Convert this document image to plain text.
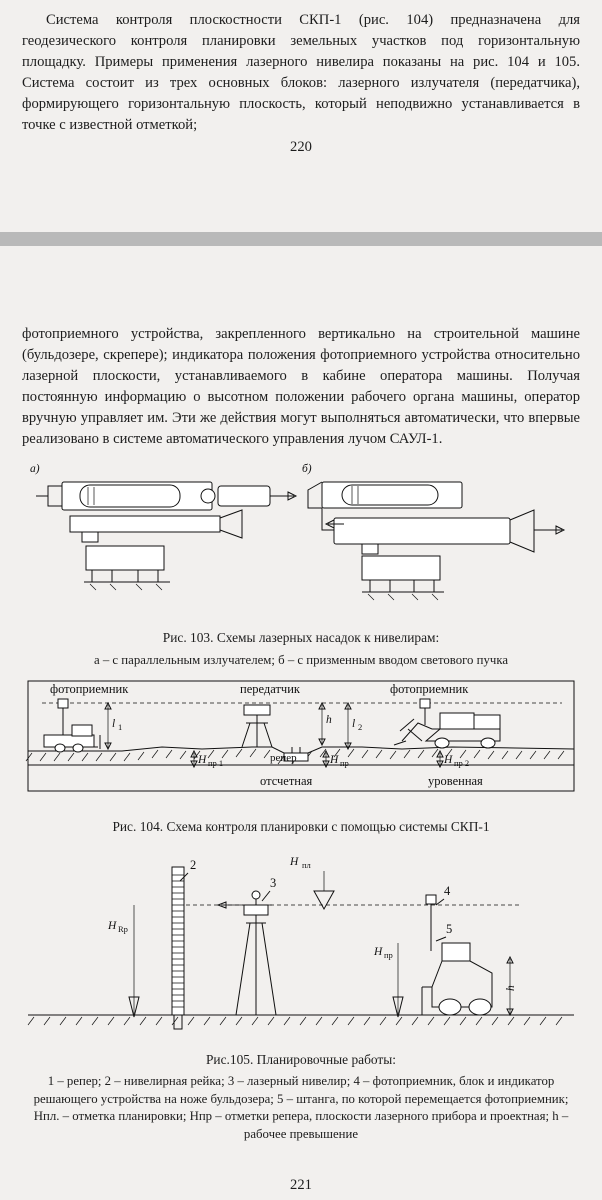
Система контроля плоскостности СКП-1 (рис. 104) предназначена для геодезического контроля планировки земельных участков под горизонтальную площадку. Примеры применения лазерного нивелира показаны на рис. 104 и 105. Система состоит из трех основных блоков: лазерного излучателя (передатчика), формирующего горизонтальную плоскость, который неподвижно устанавливается в точке с известной отметкой;

220

фотоприемного устройства, закрепленного вертикально на строительной машине (бульдозере, скрепере); индикатора положения фотоприемного устройства относительно лазерной плоскости, устанавливаемого в кабине оператора машины. Получая постоянную информацию о высотном положении рабочего органа машины, оператор вручную управляет им. Эти же действия могут выполняться автоматически, что впервые реализовано в системе автоматического управления лучом САУЛ-1.

а)	б)
Рис. 103. Схемы лазерных насадок к нивелирам:
а – с параллельным излучателем; б – с призменным вводом светового пучка
фотоприемник	передатчик	фотоприемник
l 1
h l 2
репер
H пр 1	H пр	H пр 2
отсчетная	уровенная
Рис. 104. Схема контроля планировки с помощью системы СКП-1
2
H Rp
3
H пл
4
5
H пр
h
Рис.105. Планировочные работы:
1 – репер; 2 – нивелирная рейка; 3 – лазерный нивелир; 4 – фотоприемник, блок и индикатор решающего устройства на ноже бульдозера; 5 – штанга, по которой перемещается фотоприемник; Hпл. – отметка планировки; Hпр – отметки репера, плоскости лазерного прибора и проектная; h – рабочее превышение
221
